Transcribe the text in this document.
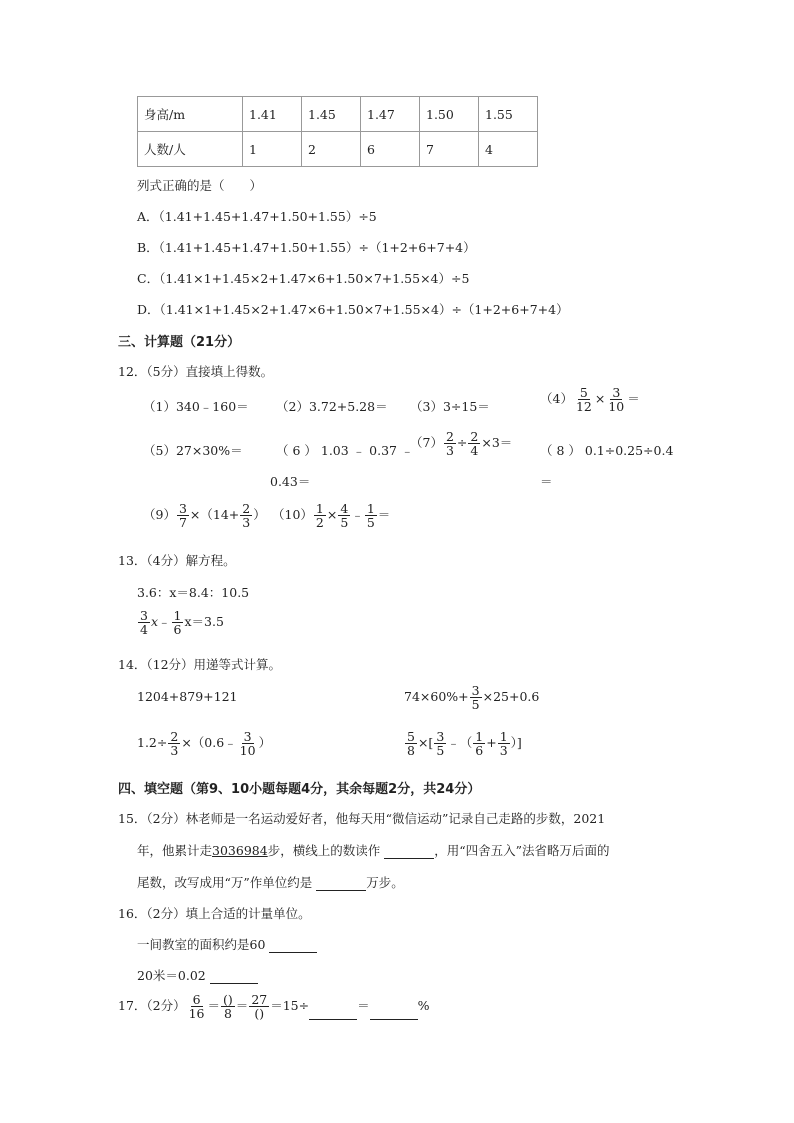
身高/m	1.41	1.45	1.47	1.50	1.55
人数/人	1	2	6	7	4
列式正确的是（　　）
A．（1.41+1.45+1.47+1.50+1.55）÷5
B．（1.41+1.45+1.47+1.50+1.55）÷（1+2+6+7+4）
C．（1.41×1+1.45×2+1.47×6+1.50×7+1.55×4）÷5
D．（1.41×1+1.45×2+1.47×6+1.50×7+1.55×4）÷（1+2+6+7+4）
三、计算题（21分）
12．（5分）直接填上得数。
（1）340﹣160＝ （2）3.72+5.28＝ （3）3÷15＝
$(4) \frac{5}{12} \times \frac{3}{10}$ ＝
（5）27×30%＝	（ 6 ） 1.03 ﹣ 0.37 ﹣
0.43＝
$(7) \frac{2}{3} \div \frac{2}{4} \times 3=$
（ 8 ） 0.1÷0.25÷0.4
＝
$(9) \frac{3}{7} \times(14+ \frac{2}{3}$ ） $(10) \frac{1}{2} \times \frac{4}{5}$ ﹣ $\frac{1}{5}$ ＝
13．（4分）解方程。
3.6：x＝8.4：10.5
$\frac{3}{4}$ x﹣ $\frac{1}{6} x=3.5$
14．（12分）用递等式计算。
1204+879+121	$74\times 60\%+ \frac{3}{5} \times 25+0.6$
$1.2\div \frac{2}{3}$ ×（0.6﹣ $\frac{3}{10}$ ）	$\frac{5}{8}$ ×[ $\frac{3}{5}$ ﹣（ $\frac{1}{6} + \frac{1}{3}$ ）]
四、填空题（第9、10小题每题4分，其余每题2分，共24分）
15．（2分）林老师是一名运动爱好者，他每天用“微信运动”记录自己走路的步数，2021
年，他累计走3036984步，横线上的数读作	，用“四舍五入”法省略万后面的
尾数，改写成用“万”作单位约是	万步。
16．（2分）填上合适的计量单位。
一间教室的面积约是60
20米＝0.02
17．（2分） $\frac{6}{16} = \frac{()}{8} = \frac{27}{()} =15\div$	＝	%
